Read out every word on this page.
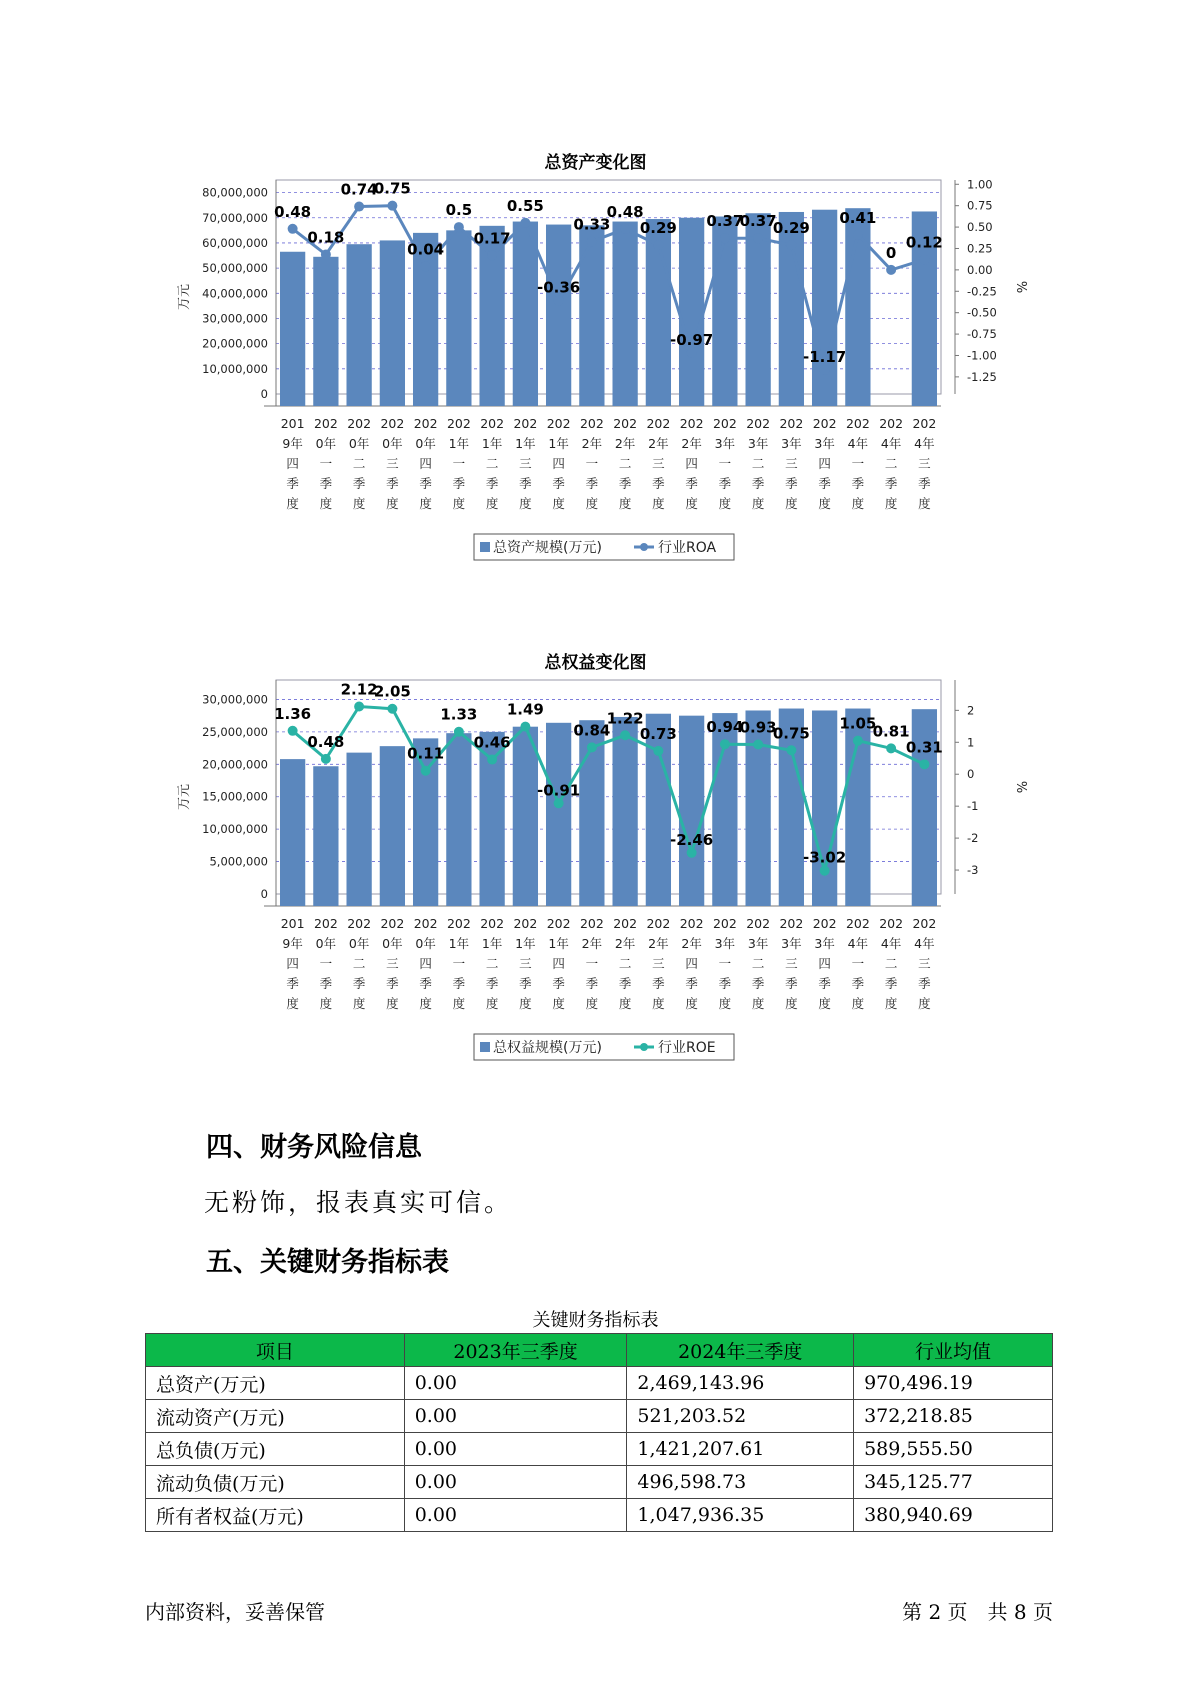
总资产变化图
80,000,000
70,000,000
60,000,000
50,000,000
40,000,000
30,000,000
20,000,000
10,000,000
0
万元
1.00
0.75
0.50
0.25
0.00
-0.25
-0.50
-0.75
-1.00
-1.25
%
0.48
0.18
0.74
0.75
0.04
0.5
0.17
0.55
-0.36
0.33
0.48
0.29
-0.97
0.37
0.37
0.29
-1.17
0.41
0
0.12
201
9年
四
季
度
202
0年
一
季
度
202
0年
二
季
度
202
0年
三
季
度
202
0年
四
季
度
202
1年
一
季
度
202
1年
二
季
度
202
1年
三
季
度
202
1年
四
季
度
202
2年
一
季
度
202
2年
二
季
度
202
2年
三
季
度
202
2年
四
季
度
202
3年
一
季
度
202
3年
二
季
度
202
3年
三
季
度
202
3年
四
季
度
202
4年
一
季
度
202
4年
二
季
度
202
4年
三
季
度
总资产规模(万元)	行业ROA
总权益变化图
30,000,000
25,000,000
20,000,000
15,000,000
10,000,000
5,000,000
0
万元
2
1
0
-1
-2
-3
%
1.36
0.48
2.12
2.05
0.11
1.33
0.46
1.49
-0.91
0.84
1.22
0.73
-2.46
0.94
0.93
0.75
-3.02
1.05
0.81
0.31
201
9年
四
季
度
202
0年
一
季
度
202
0年
二
季
度
202
0年
三
季
度
202
0年
四
季
度
202
1年
一
季
度
202
1年
二
季
度
202
1年
三
季
度
202
1年
四
季
度
202
2年
一
季
度
202
2年
二
季
度
202
2年
三
季
度
202
2年
四
季
度
202
3年
一
季
度
202
3年
二
季
度
202
3年
三
季
度
202
3年
四
季
度
202
4年
一
季
度
202
4年
二
季
度
202
4年
三
季
度
总权益规模(万元)	行业ROE
四、财务风险信息
无粉饰，报表真实可信。
五、关键财务指标表
关键财务指标表
项目	2023年三季度	2024年三季度	行业均值
总资产(万元)	0.00	2,469,143.96	970,496.19
流动资产(万元)	0.00	521,203.52	372,218.85
总负债(万元)	0.00	1,421,207.61	589,555.50
流动负债(万元)	0.00	496,598.73	345,125.77
所有者权益(万元)	0.00	1,047,936.35	380,940.69
内部资料，妥善保管	第 2 页　共 8 页
